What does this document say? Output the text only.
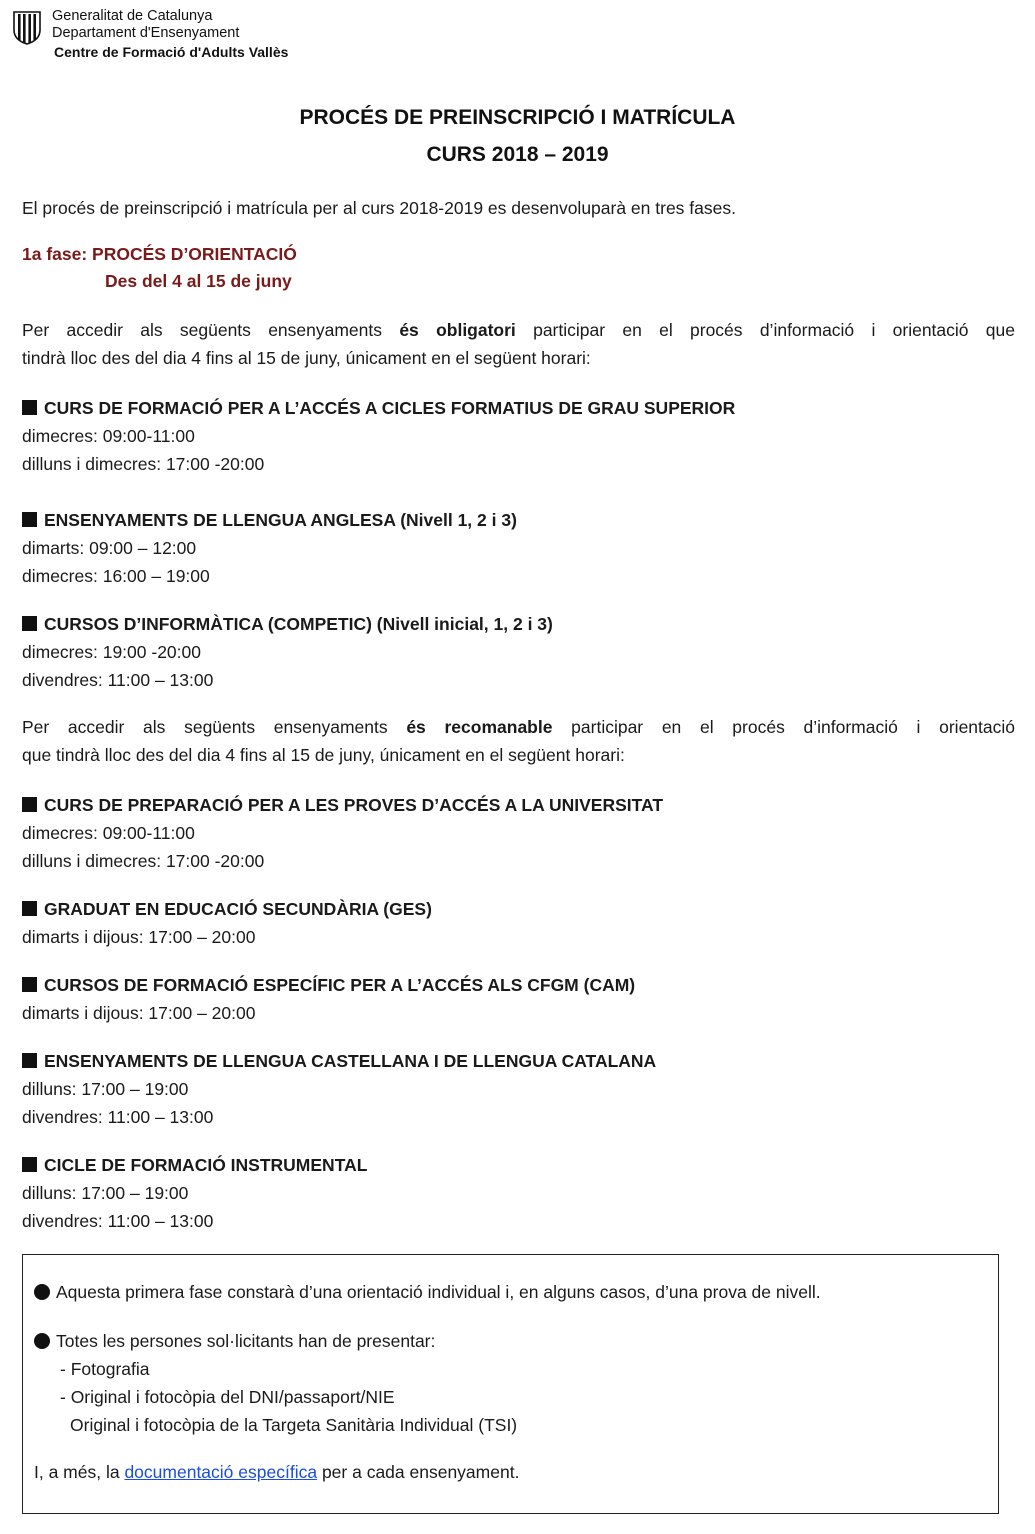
Generalitat de Catalunya
Departament d'Ensenyament
Centre de Formació d'Adults Vallès
PROCÉS DE PREINSCRIPCIÓ I MATRÍCULA
CURS 2018 – 2019
El procés de preinscripció i matrícula per al curs 2018-2019 es desenvoluparà en tres fases.
1a fase: PROCÉS D’ORIENTACIÓ
Des del 4 al 15 de juny
Per accedir als següents ensenyaments és obligatori participar en el procés d’informació i orientació que
tindrà lloc des del dia 4 fins al 15 de juny, únicament en el següent horari:
CURS DE FORMACIÓ PER A L’ACCÉS A CICLES FORMATIUS DE GRAU SUPERIOR
dimecres: 09:00-11:00
dilluns i dimecres: 17:00 -20:00
ENSENYAMENTS DE LLENGUA ANGLESA (Nivell 1, 2 i 3)
dimarts: 09:00 – 12:00
dimecres: 16:00 – 19:00
CURSOS D’INFORMÀTICA (COMPETIC) (Nivell inicial, 1, 2 i 3)
dimecres: 19:00 -20:00
divendres: 11:00 – 13:00
Per accedir als següents ensenyaments és recomanable participar en el procés d’informació i orientació
que tindrà lloc des del dia 4 fins al 15 de juny, únicament en el següent horari:
CURS DE PREPARACIÓ PER A LES PROVES D’ACCÉS A LA UNIVERSITAT
dimecres: 09:00-11:00
dilluns i dimecres: 17:00 -20:00
GRADUAT EN EDUCACIÓ SECUNDÀRIA (GES)
dimarts i dijous: 17:00 – 20:00
CURSOS DE FORMACIÓ ESPECÍFIC PER A L’ACCÉS ALS CFGM (CAM)
dimarts i dijous: 17:00 – 20:00
ENSENYAMENTS DE LLENGUA CASTELLANA I DE LLENGUA CATALANA
dilluns: 17:00 – 19:00
divendres: 11:00 – 13:00
CICLE DE FORMACIÓ INSTRUMENTAL
dilluns: 17:00 – 19:00
divendres: 11:00 – 13:00
Aquesta primera fase constarà d’una orientació individual i, en alguns casos, d’una prova de nivell.
Totes les persones sol·licitants han de presentar:
- Fotografia
- Original i fotocòpia del DNI/passaport/NIE
Original i fotocòpia de la Targeta Sanitària Individual (TSI)
I, a més, la documentació específica per a cada ensenyament.
